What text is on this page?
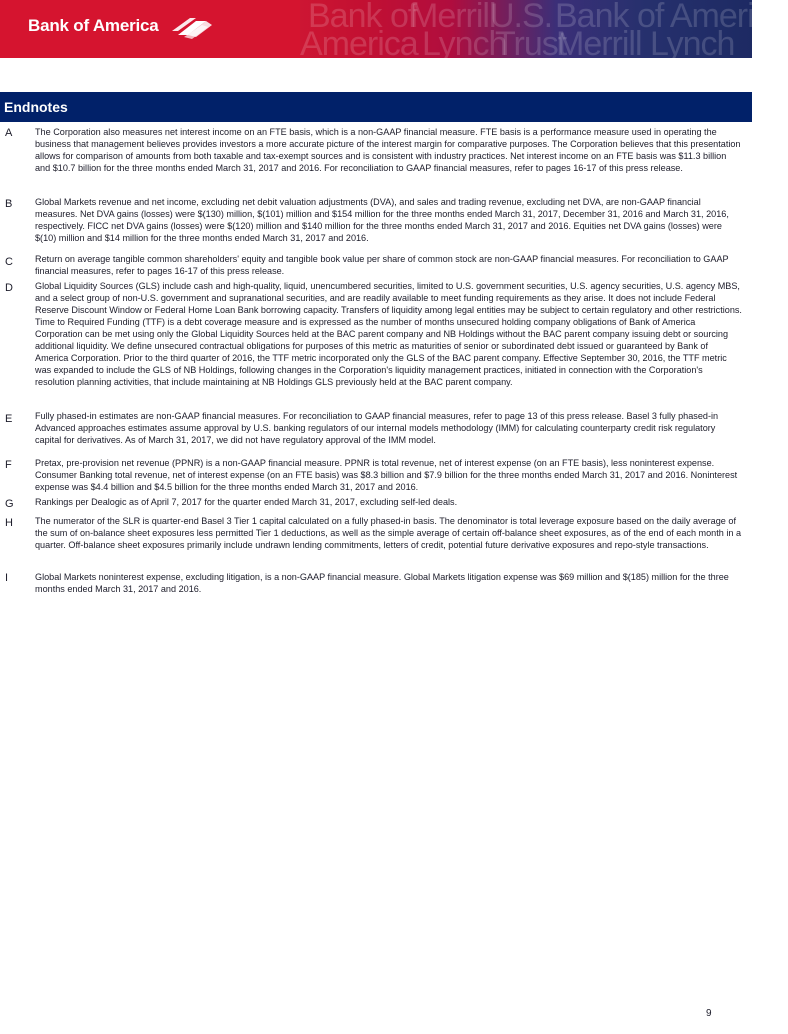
Bank of
Merrill
U.S. Bank of America
America Lynch
Trust
Merrill Lynch
Bank of America
Endnotes
A The Corporation also measures net interest income on an FTE basis, which is a non-GAAP financial measure. FTE basis is a performance measure used in operating the business that management believes provides investors a more accurate picture of the interest margin for comparative purposes. The Corporation believes that this presentation allows for comparison of amounts from both taxable and tax-exempt sources and is consistent with industry practices. Net interest income on an FTE basis was $11.3 billion and $10.7 billion for the three months ended March 31, 2017 and 2016. For reconciliation to GAAP financial measures, refer to pages 16-17 of this press release.
B Global Markets revenue and net income, excluding net debit valuation adjustments (DVA), and sales and trading revenue, excluding net DVA, are non-GAAP financial measures. Net DVA gains (losses) were $(130) million, $(101) million and $154 million for the three months ended March 31, 2017, December 31, 2016 and March 31, 2016, respectively. FICC net DVA gains (losses) were $(120) million and $140 million for the three months ended March 31, 2017 and 2016. Equities net DVA gains (losses) were $(10) million and $14 million for the three months ended March 31, 2017 and 2016.
C Return on average tangible common shareholders' equity and tangible book value per share of common stock are non-GAAP financial measures. For reconciliation to GAAP financial measures, refer to pages 16-17 of this press release.
D Global Liquidity Sources (GLS) include cash and high-quality, liquid, unencumbered securities, limited to U.S. government securities, U.S. agency securities, U.S. agency MBS, and a select group of non-U.S. government and supranational securities, and are readily available to meet funding requirements as they arise. It does not include Federal Reserve Discount Window or Federal Home Loan Bank borrowing capacity. Transfers of liquidity among legal entities may be subject to certain regulatory and other restrictions. Time to Required Funding (TTF) is a debt coverage measure and is expressed as the number of months unsecured holding company obligations of Bank of America Corporation can be met using only the Global Liquidity Sources held at the BAC parent company and NB Holdings without the BAC parent company issuing debt or sourcing additional liquidity. We define unsecured contractual obligations for purposes of this metric as maturities of senior or subordinated debt issued or guaranteed by Bank of America Corporation. Prior to the third quarter of 2016, the TTF metric incorporated only the GLS of the BAC parent company. Effective September 30, 2016, the TTF metric was expanded to include the GLS of NB Holdings, following changes in the Corporation's liquidity management practices, initiated in connection with the Corporation's resolution planning activities, that include maintaining at NB Holdings GLS previously held at the BAC parent company.
E Fully phased-in estimates are non-GAAP financial measures. For reconciliation to GAAP financial measures, refer to page 13 of this press release. Basel 3 fully phased-in Advanced approaches estimates assume approval by U.S. banking regulators of our internal models methodology (IMM) for calculating counterparty credit risk regulatory capital for derivatives. As of March 31, 2017, we did not have regulatory approval of the IMM model.
F	Pretax, pre-provision net revenue (PPNR) is a non-GAAP financial measure. PPNR is total revenue, net of interest expense (on an FTE basis), less noninterest expense. Consumer Banking total revenue, net of interest expense (on an FTE basis) was $8.3 billion and $7.9 billion for the three months ended March 31, 2017 and 2016. Noninterest expense was $4.4 billion and $4.5 billion for the three months ended March 31, 2017 and 2016.
G Rankings per Dealogic as of April 7, 2017 for the quarter ended March 31, 2017, excluding self-led deals.
H The numerator of the SLR is quarter-end Basel 3 Tier 1 capital calculated on a fully phased-in basis. The denominator is total leverage exposure based on the daily average of the sum of on-balance sheet exposures less permitted Tier 1 deductions, as well as the simple average of certain off-balance sheet exposures, as of the end of each month in a quarter. Off-balance sheet exposures primarily include undrawn lending commitments, letters of credit, potential future derivative exposures and repo-style transactions.
I	Global Markets noninterest expense, excluding litigation, is a non-GAAP financial measure. Global Markets litigation expense was $69 million and $(185) million for the three months ended March 31, 2017 and 2016.
9
